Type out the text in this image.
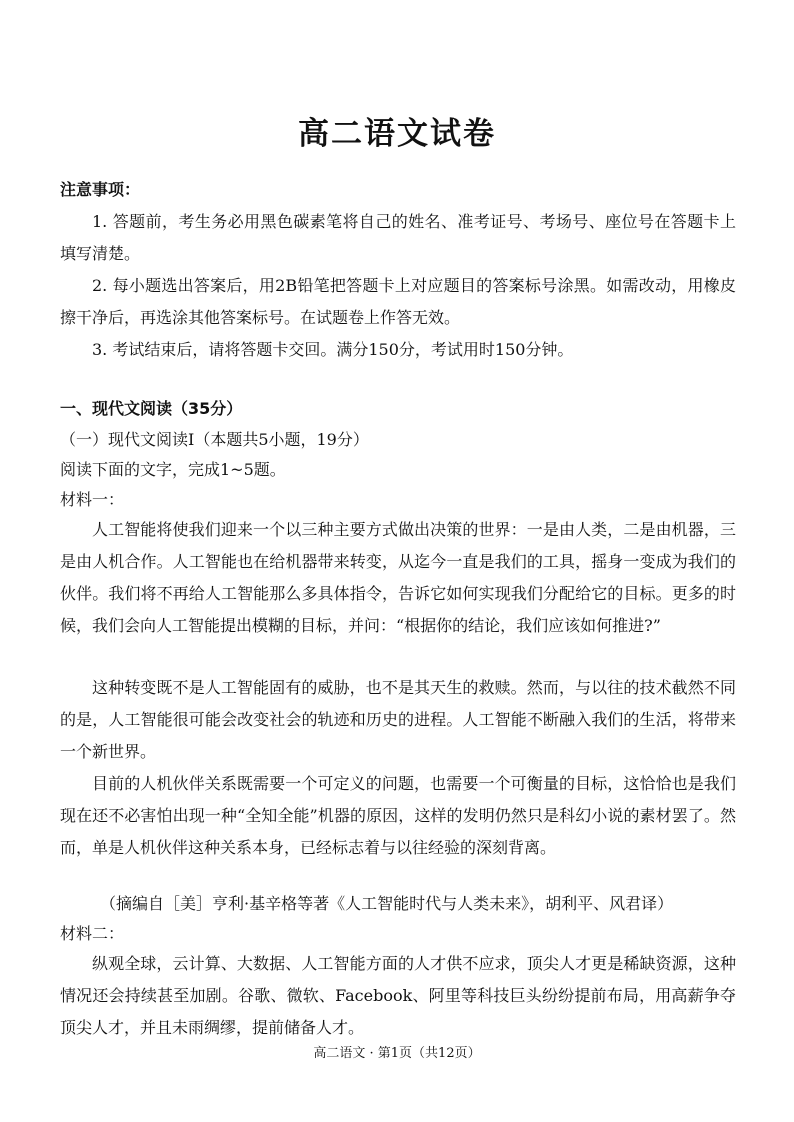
高二语文试卷
注意事项：

1. 答题前，考生务必用黑色碳素笔将自己的姓名、准考证号、考场号、座位号在答题卡上填写清楚。

2. 每小题选出答案后，用2B铅笔把答题卡上对应题目的答案标号涂黑。如需改动，用橡皮擦干净后，再选涂其他答案标号。在试题卷上作答无效。

3. 考试结束后，请将答题卡交回。满分150分，考试用时150分钟。

一、现代文阅读（35分）
（一）现代文阅读Ⅰ（本题共5小题，19分）
阅读下面的文字，完成1~5题。
材料一：

人工智能将使我们迎来一个以三种主要方式做出决策的世界：一是由人类，二是由机器，三是由人机合作。人工智能也在给机器带来转变，从迄今一直是我们的工具，摇身一变成为我们的伙伴。我们将不再给人工智能那么多具体指令，告诉它如何实现我们分配给它的目标。更多的时候，我们会向人工智能提出模糊的目标，并问：“根据你的结论，我们应该如何推进?”

这种转变既不是人工智能固有的威胁，也不是其天生的救赎。然而，与以往的技术截然不同的是，人工智能很可能会改变社会的轨迹和历史的进程。人工智能不断融入我们的生活，将带来一个新世界。

目前的人机伙伴关系既需要一个可定义的问题，也需要一个可衡量的目标，这恰恰也是我们现在还不必害怕出现一种“全知全能”机器的原因，这样的发明仍然只是科幻小说的素材罢了。然而，单是人机伙伴这种关系本身，已经标志着与以往经验的深刻背离。

（摘编自［美］亨利·基辛格等著《人工智能时代与人类未来》，胡利平、风君译）
材料二：

纵观全球，云计算、大数据、人工智能方面的人才供不应求，顶尖人才更是稀缺资源，这种情况还会持续甚至加剧。谷歌、微软、Facebook、阿里等科技巨头纷纷提前布局，用高薪争夺顶尖人才，并且未雨绸缪，提前储备人才。

高二语文 · 第1页（共12页）
